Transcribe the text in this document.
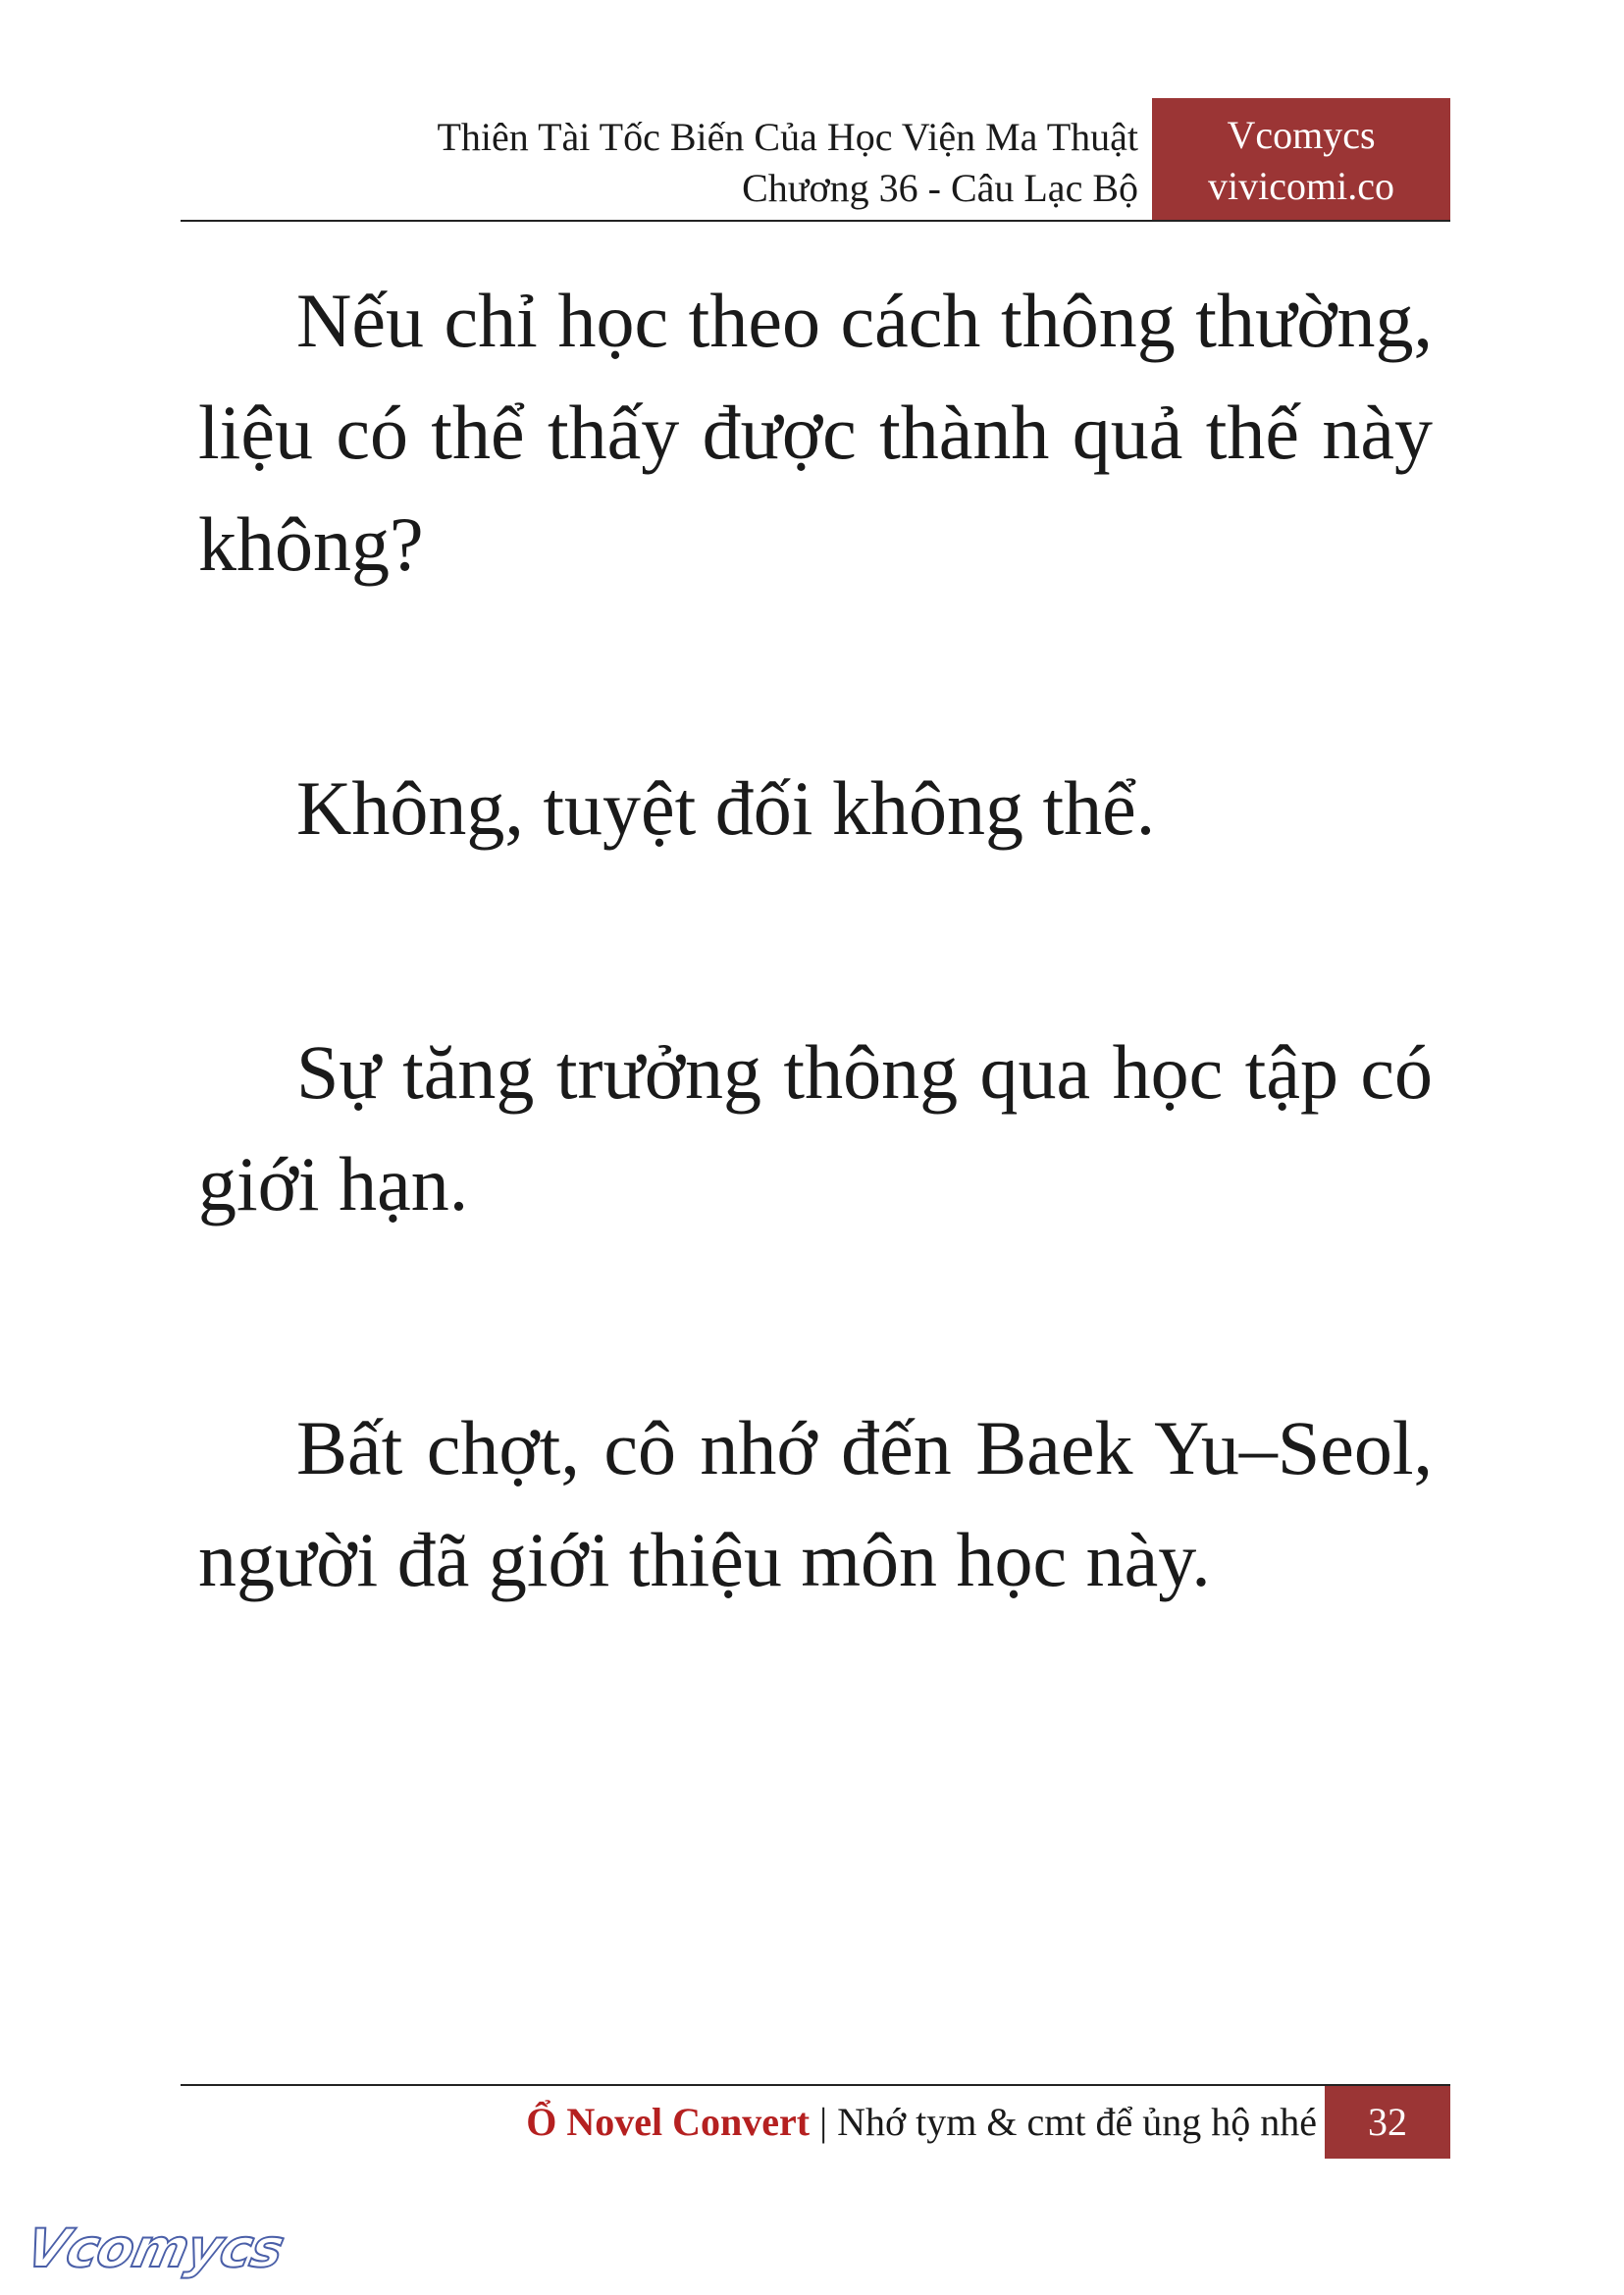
Thiên Tài Tốc Biến Của Học Viện Ma Thuật
Chương 36 - Câu Lạc Bộ
Vcomycs
vivicomi.co

Nếu chỉ học theo cách thông thường, liệu có thể thấy được thành quả thế này không?

Không, tuyệt đối không thể.

Sự tăng trưởng thông qua học tập có giới hạn.

Bất chợt, cô nhớ đến Baek Yu–Seol, người đã giới thiệu môn học này.

Ổ Novel Convert | Nhớ tym & cmt để ủng hộ nhé	32
Vcomycs
